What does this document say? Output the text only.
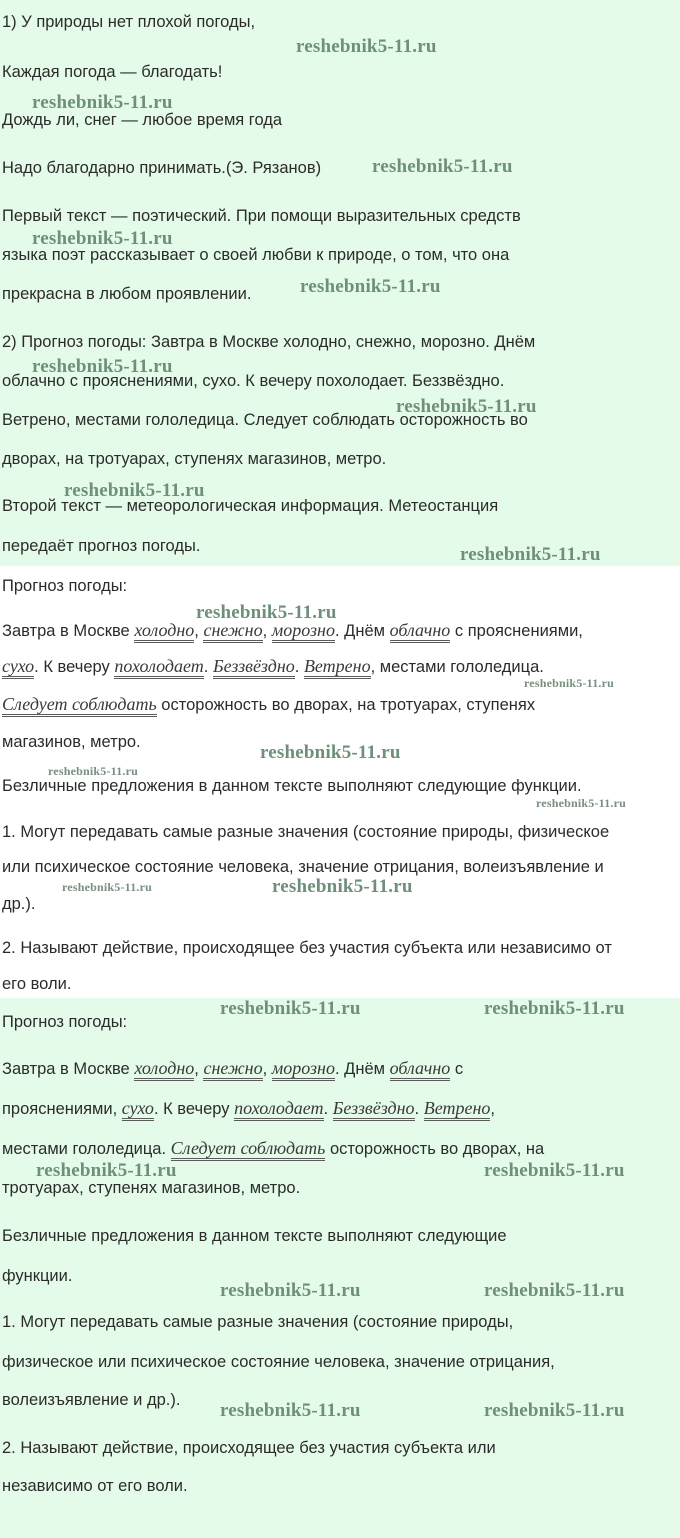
1) У природы нет плохой погоды,
Каждая погода — благодать!
Дождь ли, снег — любое время года
Надо благодарно принимать.(Э. Рязанов)
Первый текст — поэтический. При помощи выразительных средств
языка поэт рассказывает о своей любви к природе, о том, что она
прекрасна в любом проявлении.
2) Прогноз погоды: Завтра в Москве холодно, снежно, морозно. Днём
облачно с прояснениями, сухо. К вечеру похолодает. Беззвёздно.
Ветрено, местами гололедица. Следует соблюдать осторожность во
дворах, на тротуарах, ступенях магазинов, метро.
Второй текст — метеорологическая информация. Метеостанция
передаёт прогноз погоды.
reshebnik5-11.ru
reshebnik5-11.ru
reshebnik5-11.ru
reshebnik5-11.ru
reshebnik5-11.ru
reshebnik5-11.ru
reshebnik5-11.ru
reshebnik5-11.ru
reshebnik5-11.ru
Прогноз погоды:
Завтра в Москве холодно, снежно, морозно. Днём облачно с прояснениями,
сухо. К вечеру похолодает. Беззвёздно. Ветрено, местами гололедица.
Следует соблюдать осторожность во дворах, на тротуарах, ступенях
магазинов, метро.
Безличные предложения в данном тексте выполняют следующие функции.
1. Могут передавать самые разные значения (состояние природы, физическое
или психическое состояние человека, значение отрицания, волеизъявление и
др.).
2. Называют действие, происходящее без участия субъекта или независимо от
его воли.
reshebnik5-11.ru
reshebnik5-11.ru
reshebnik5-11.ru
reshebnik5-11.ru
reshebnik5-11.ru
reshebnik5-11.ru	reshebnik5-11.ru
Прогноз погоды:
Завтра в Москве холодно, снежно, морозно. Днём облачно с
прояснениями, сухо. К вечеру похолодает. Беззвёздно. Ветрено,
местами гололедица. Следует соблюдать осторожность во дворах, на
тротуарах, ступенях магазинов, метро.
Безличные предложения в данном тексте выполняют следующие
функции.
1. Могут передавать самые разные значения (состояние природы,
физическое или психическое состояние человека, значение отрицания,
волеизъявление и др.).
2. Называют действие, происходящее без участия субъекта или
независимо от его воли.
reshebnik5-11.ru	reshebnik5-11.ru
reshebnik5-11.ru	reshebnik5-11.ru
reshebnik5-11.ru	reshebnik5-11.ru
reshebnik5-11.ru	reshebnik5-11.ru
